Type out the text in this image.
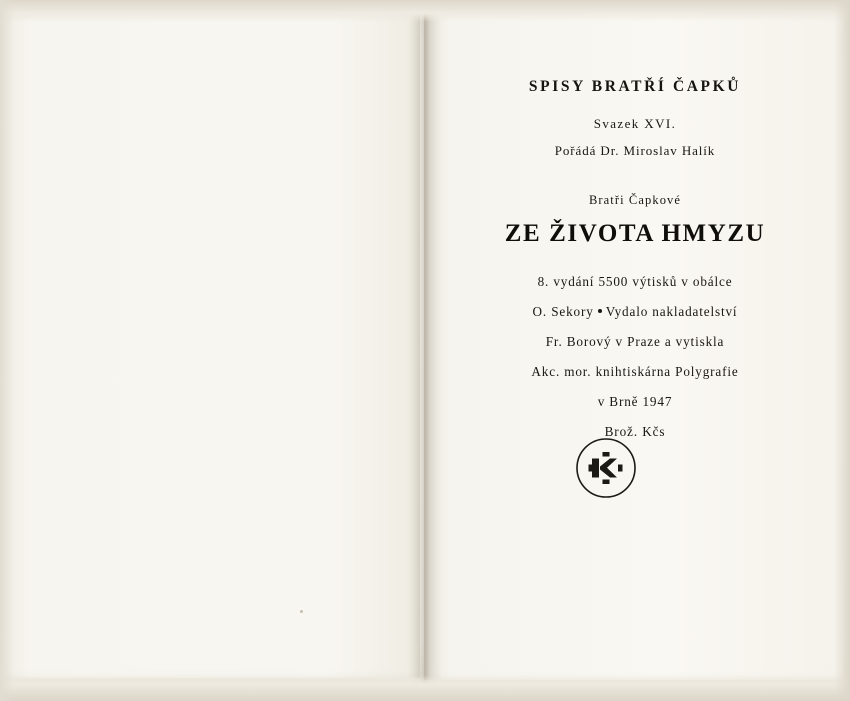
SPISY BRATŘÍ ČAPKŮ
Svazek XVI.
Pořádá Dr. Miroslav Halík
Bratři Čapkové
ZE ŽIVOTA HMYZU
8. vydání 5500 výtisků v obálce
O. Sekory Vydalo nakladatelství
Fr. Borový v Praze a vytiskla
Akc. mor. knihtiskárna Polygrafie
v Brně 1947
Brož. Kčs
